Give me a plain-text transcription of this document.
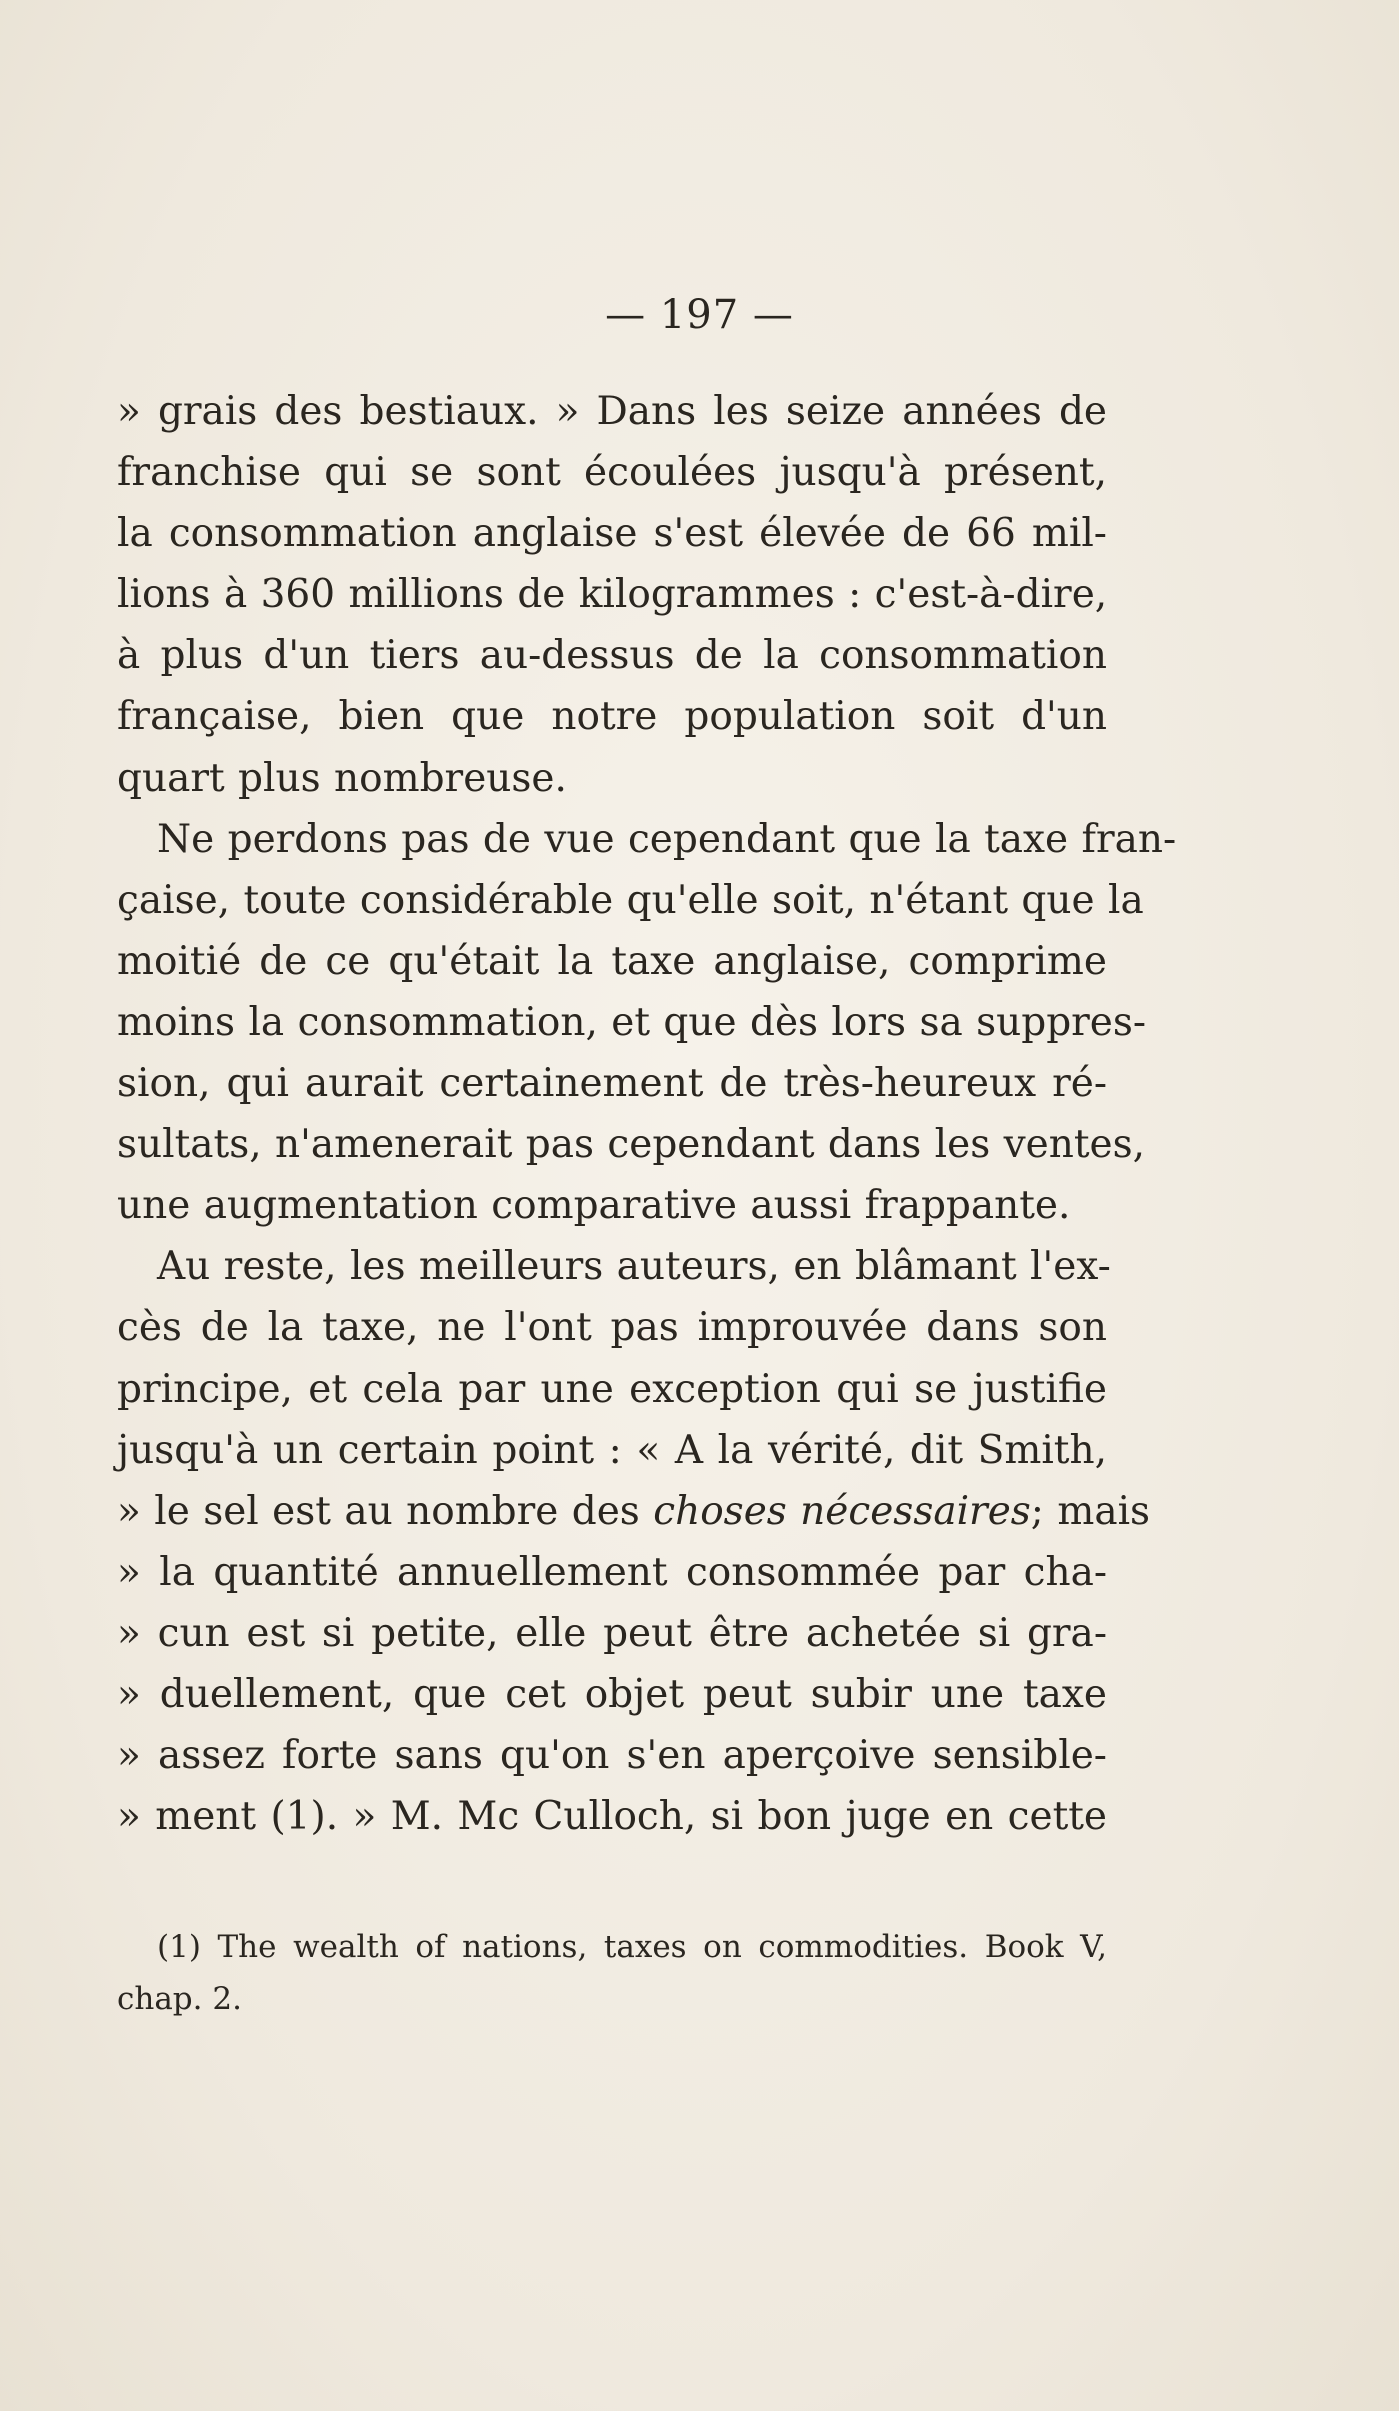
— 197 —
» grais des bestiaux. » Dans les seize années de
franchise qui se sont écoulées jusqu'à présent,
la consommation anglaise s'est élevée de 66 mil-
lions à 360 millions de kilogrammes : c'est-à-dire,
à plus d'un tiers au-dessus de la consommation
française, bien que notre population soit d'un
quart plus nombreuse.
Ne perdons pas de vue cependant que la taxe fran-
çaise, toute considérable qu'elle soit, n'étant que la
moitié de ce qu'était la taxe anglaise, comprime
moins la consommation, et que dès lors sa suppres-
sion, qui aurait certainement de très-heureux ré-
sultats, n'amenerait pas cependant dans les ventes,
une augmentation comparative aussi frappante.
Au reste, les meilleurs auteurs, en blâmant l'ex-
cès de la taxe, ne l'ont pas improuvée dans son
principe, et cela par une exception qui se justifie
jusqu'à un certain point : « A la vérité, dit Smith,
» le sel est au nombre des choses nécessaires; mais
» la quantité annuellement consommée par cha-
» cun est si petite, elle peut être achetée si gra-
» duellement, que cet objet peut subir une taxe
» assez forte sans qu'on s'en aperçoive sensible-
» ment (1). » M. Mc Culloch, si bon juge en cette
(1) The wealth of nations, taxes on commodities. Book V,
chap. 2.
